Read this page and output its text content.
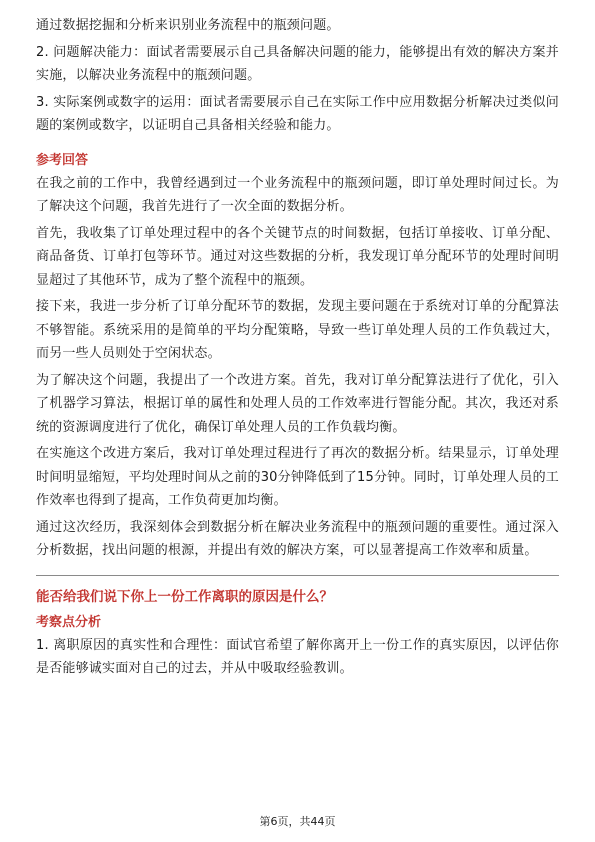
通过数据挖掘和分析来识别业务流程中的瓶颈问题。

2. 问题解决能力：面试者需要展示自己具备解决问题的能力，能够提出有效的解决方案并实施，以解决业务流程中的瓶颈问题。

3. 实际案例或数字的运用：面试者需要展示自己在实际工作中应用数据分析解决过类似问题的案例或数字，以证明自己具备相关经验和能力。

参考回答

在我之前的工作中，我曾经遇到过一个业务流程中的瓶颈问题，即订单处理时间过长。为了解决这个问题，我首先进行了一次全面的数据分析。

首先，我收集了订单处理过程中的各个关键节点的时间数据，包括订单接收、订单分配、商品备货、订单打包等环节。通过对这些数据的分析，我发现订单分配环节的处理时间明显超过了其他环节，成为了整个流程中的瓶颈。

接下来，我进一步分析了订单分配环节的数据，发现主要问题在于系统对订单的分配算法不够智能。系统采用的是简单的平均分配策略，导致一些订单处理人员的工作负载过大，而另一些人员则处于空闲状态。

为了解决这个问题，我提出了一个改进方案。首先，我对订单分配算法进行了优化，引入了机器学习算法，根据订单的属性和处理人员的工作效率进行智能分配。其次，我还对系统的资源调度进行了优化，确保订单处理人员的工作负载均衡。

在实施这个改进方案后，我对订单处理过程进行了再次的数据分析。结果显示，订单处理时间明显缩短，平均处理时间从之前的30分钟降低到了15分钟。同时，订单处理人员的工作效率也得到了提高，工作负荷更加均衡。

通过这次经历，我深刻体会到数据分析在解决业务流程中的瓶颈问题的重要性。通过深入分析数据，找出问题的根源，并提出有效的解决方案，可以显著提高工作效率和质量。

能否给我们说下你上一份工作离职的原因是什么？
考察点分析

1. 离职原因的真实性和合理性：面试官希望了解你离开上一份工作的真实原因，以评估你是否能够诚实面对自己的过去，并从中吸取经验教训。

第6页，共44页
